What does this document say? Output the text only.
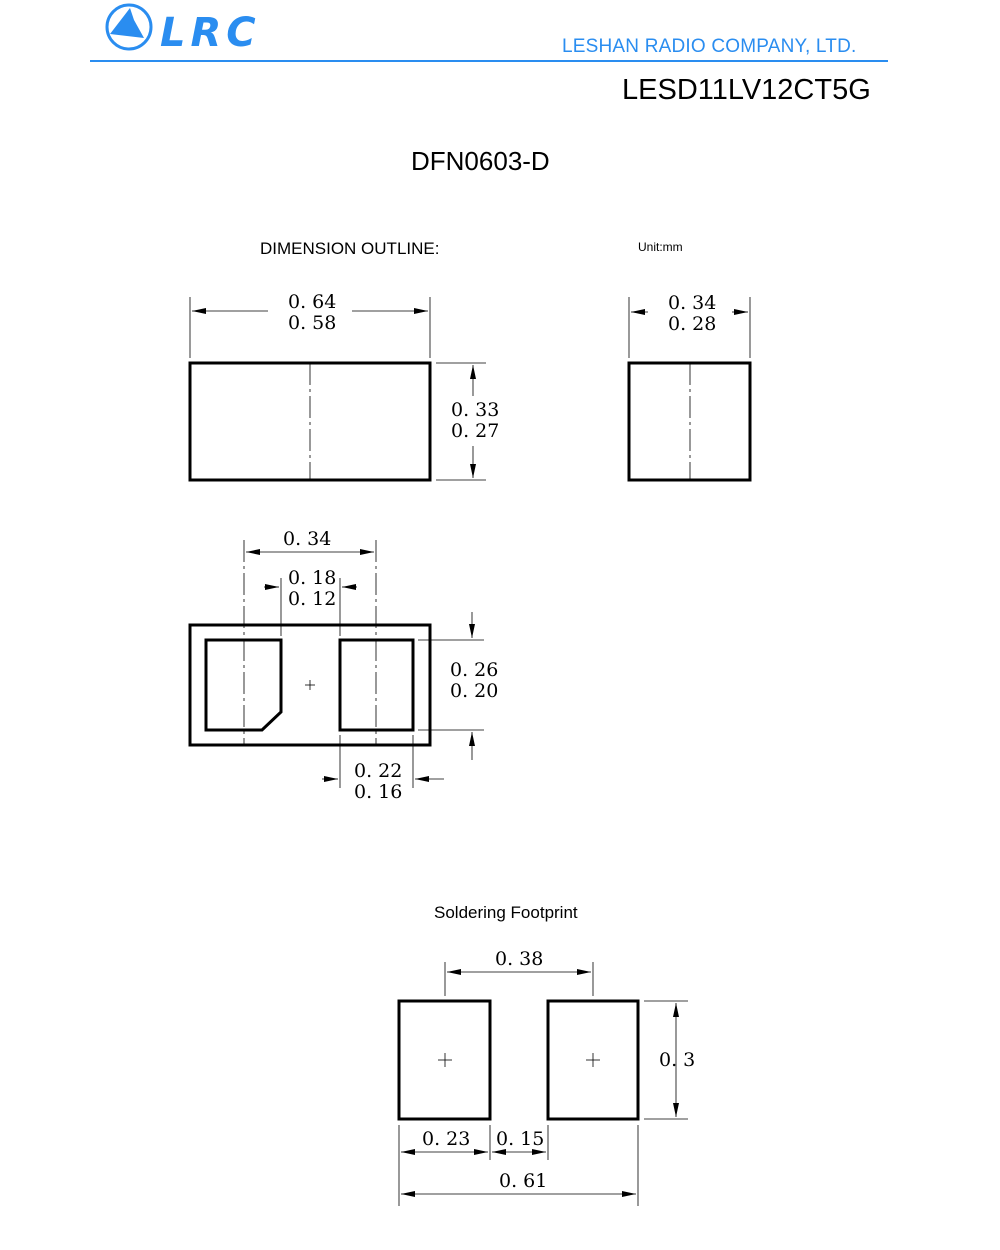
LRC	LESHAN RADIO COMPANY, LTD.
LESD11LV12CT5G
DFN0603-D
DIMENSION OUTLINE:	Unit:mm
Soldering Footprint
0. 64
0. 58
0. 33
0. 27
0. 34
0. 28
0. 34
0. 18
0. 12
0. 26
0. 20
0. 22
0. 16
0. 38
0. 3
0. 23 0. 15
0. 61
